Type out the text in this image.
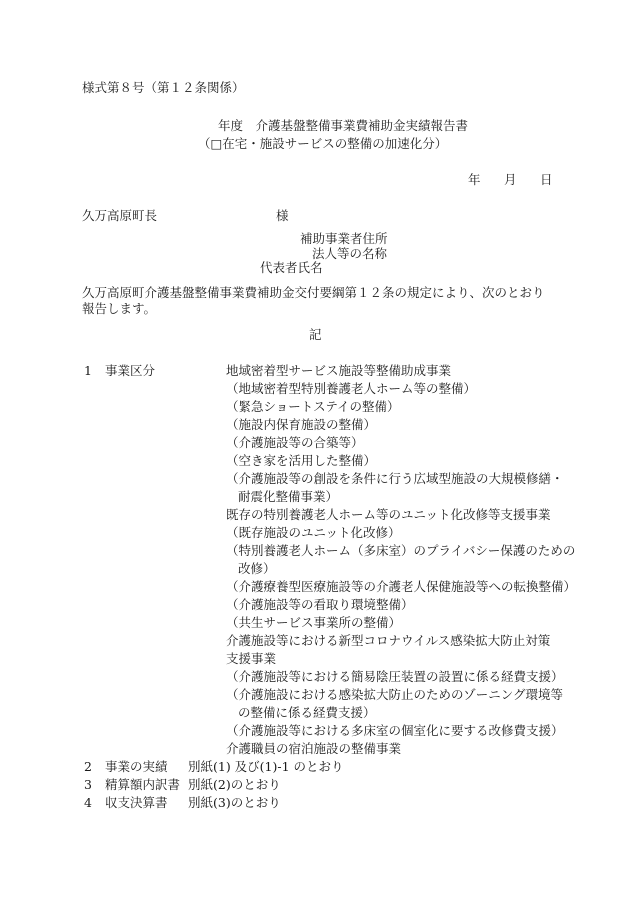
様式第８号（第１２条関係）
年度　介護基盤整備事業費補助金実績報告書
（□在宅・施設サービスの整備の加速化分）
年 月 日
久万高原町長	様
補助事業者住所
法人等の名称
代表者氏名
久万高原町介護基盤整備事業費補助金交付要綱第１２条の規定により、次のとおり報告します。
記
1 事業区分	地域密着型サービス施設等整備助成事業
（地域密着型特別養護老人ホーム等の整備）
（緊急ショートステイの整備）
（施設内保育施設の整備）
（介護施設等の合築等）
（空き家を活用した整備）
（介護施設等の創設を条件に行う広域型施設の大規模修繕・
耐震化整備事業）
既存の特別養護老人ホーム等のユニット化改修等支援事業
（既存施設のユニット化改修）
（特別養護老人ホーム（多床室）のプライバシー保護のための
改修）
（介護療養型医療施設等の介護老人保健施設等への転換整備）
（介護施設等の看取り環境整備）
（共生サービス事業所の整備）
介護施設等における新型コロナウイルス感染拡大防止対策
支援事業
（介護施設等における簡易陰圧装置の設置に係る経費支援）
（介護施設における感染拡大防止のためのゾーニング環境等
の整備に係る経費支援）
（介護施設等における多床室の個室化に要する改修費支援）
介護職員の宿泊施設の整備事業
2 事業の実績 別紙(1) 及び(1)-1 のとおり
3 精算額内訳書 別紙(2)のとおり
4 収支決算書 別紙(3)のとおり
